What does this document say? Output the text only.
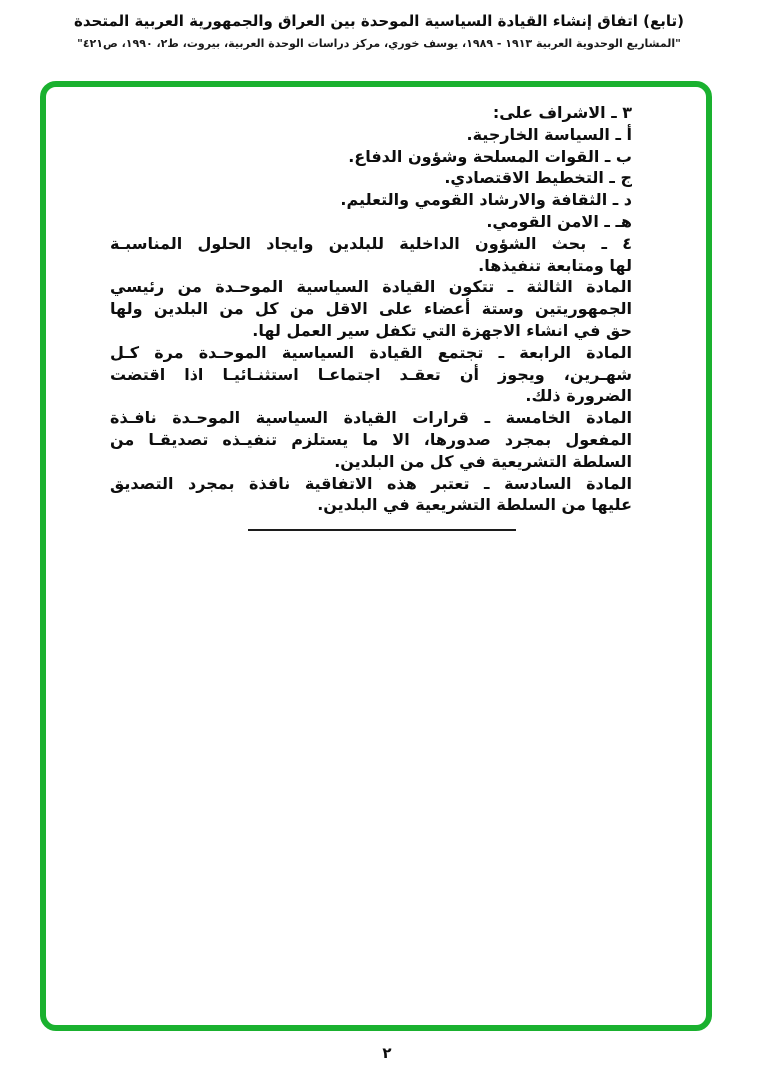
(تابع) اتفاق إنشاء القيادة السياسية الموحدة بين العراق والجمهورية العربية المتحدة
"المشاريع الوحدوية العربية ١٩١٣ - ١٩٨٩، يوسف خوري، مركز دراسات الوحدة العربية، بيروت، ط٢، ١٩٩٠، ص٤٢١"
٣ ـ الاشراف على:
أ ـ السياسة الخارجية.
ب ـ القوات المسلحة وشؤون الدفاع.
ج ـ التخطيط الاقتصادي.
د ـ الثقافة والارشاد القومي والتعليم.
هـ ـ الامن القومي.
٤ ـ بحث الشؤون الداخلية للبلدين وايجاد الحلول المناسبـة
لها ومتابعة تنفيذها.
المادة الثالثة ـ تتكون القيادة السياسية الموحـدة من رئيسي
الجمهوريتين وستة أعضاء على الاقل من كل من البلدين ولها
حق في انشاء الاجهزة التي تكفل سير العمل لها.
المادة الرابعة ـ تجتمع القيادة السياسية الموحـدة مرة كـل
شهـرين، ويجوز أن تعقـد اجتماعـا استثنـائيـا اذا اقتضت
الضرورة ذلك.
المادة الخامسة ـ قرارات القيادة السياسية الموحـدة نافـذة
المفعول بمجرد صدورها، الا ما يستلزم تنفيـذه تصديقـا من
السلطة التشريعية في كل من البلدين.
المادة السادسة ـ تعتبر هذه الاتفاقية نافذة بمجرد التصديق
عليها من السلطة التشريعية في البلدين.
٢
